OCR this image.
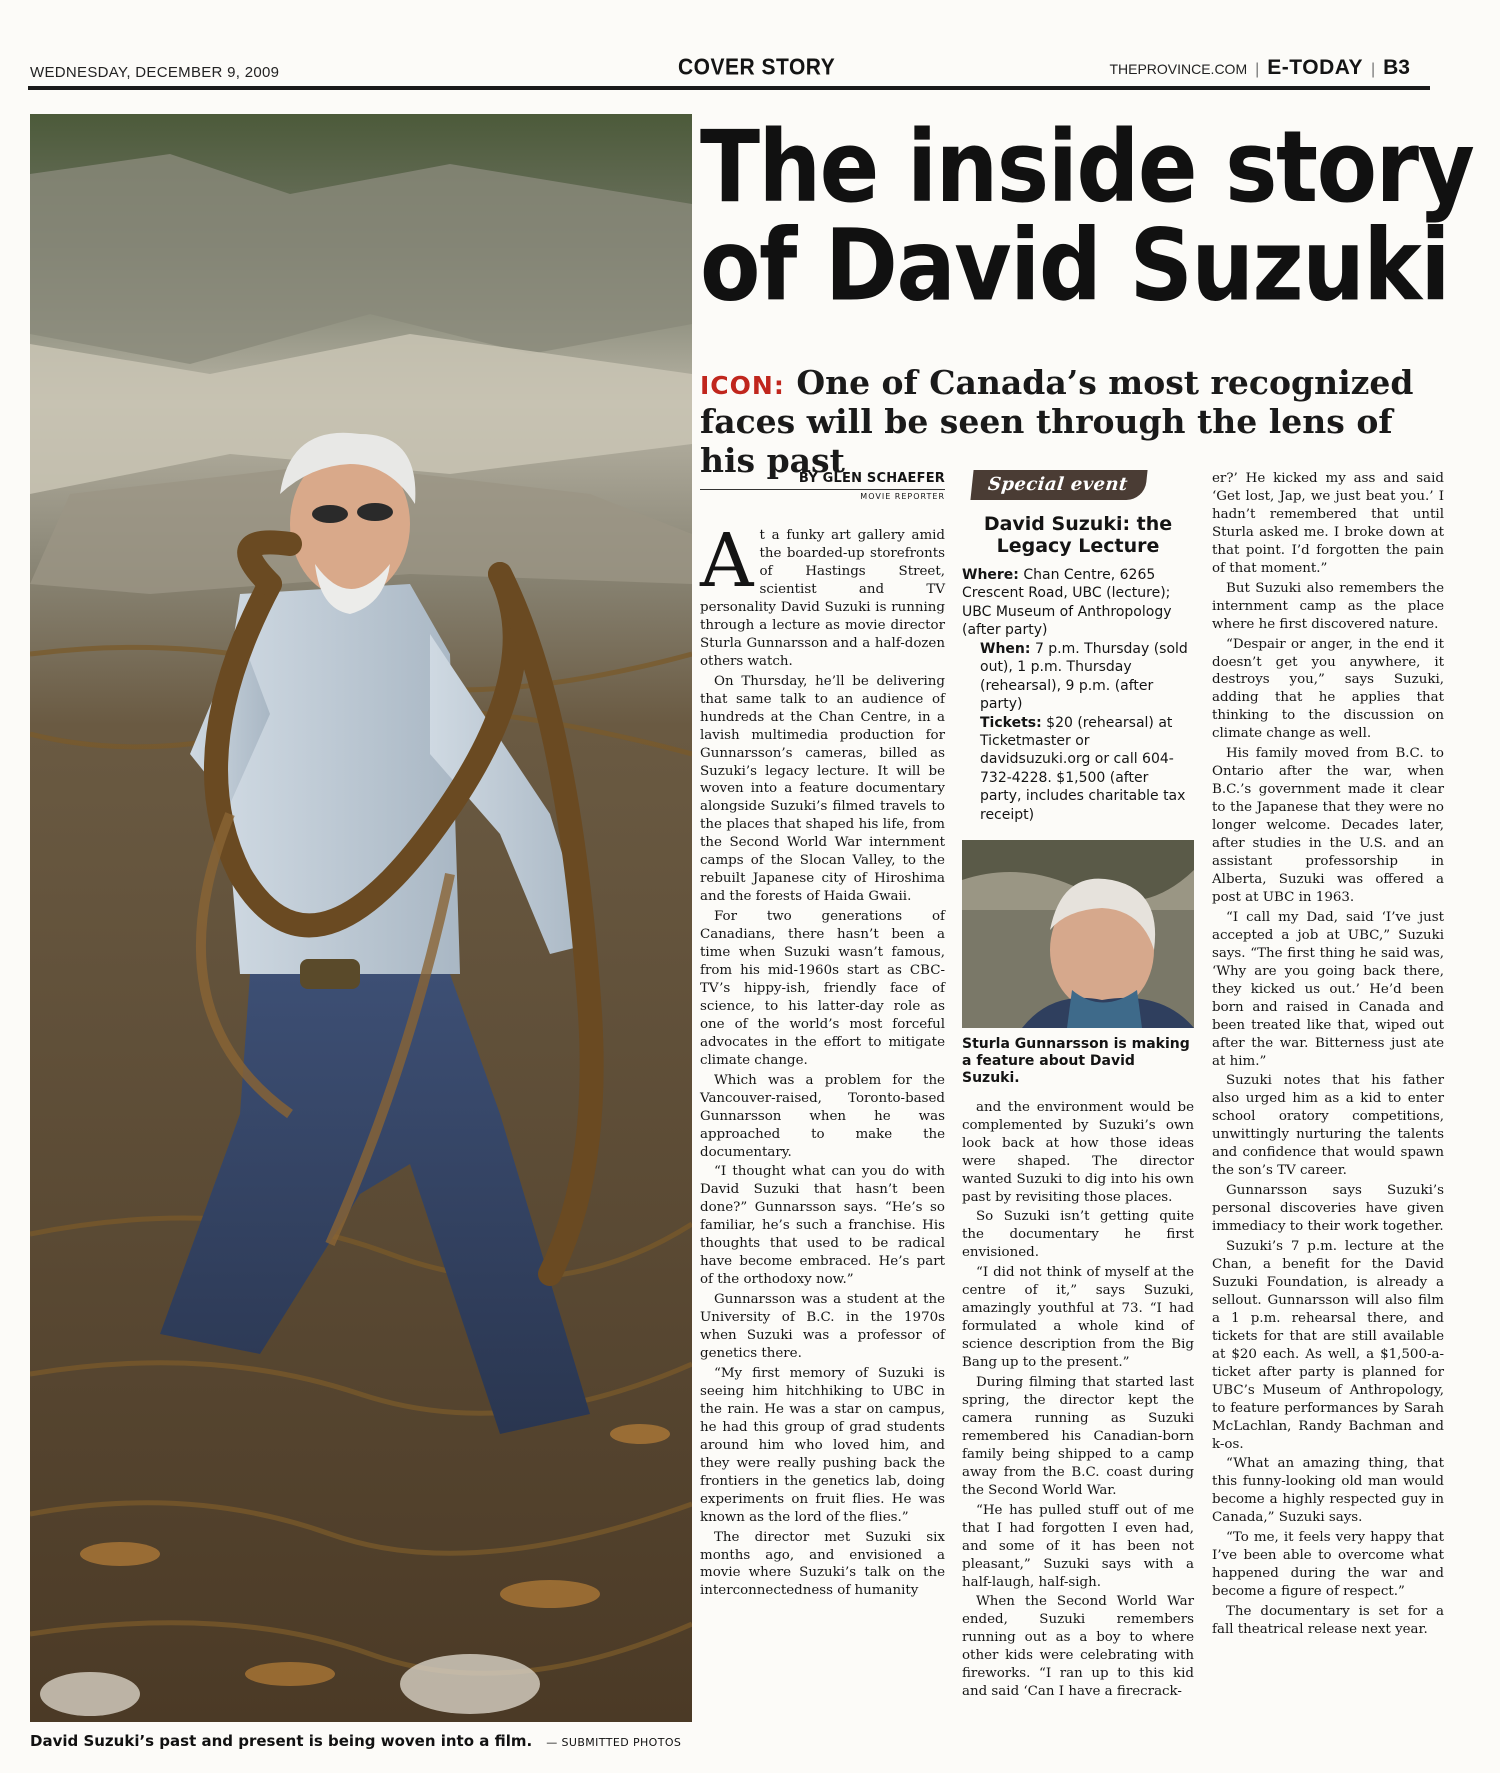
WEDNESDAY, DECEMBER 9, 2009	COVER STORY	THEPROVINCE.COM | E-TODAY | B3
David Suzuki’s past and present is being woven into a film. — SUBMITTED PHOTOS
The inside story
of David Suzuki
ICON: One of Canada’s most recognized faces will be seen through the lens of his past
BY GLEN SCHAEFER
MOVIE REPORTER

At a funky art gallery amid the boarded-up storefronts of Hastings Street, scientist and TV personality David Suzuki is running through a lecture as movie director Sturla Gunnarsson and a half-dozen others watch.

On Thursday, he’ll be delivering that same talk to an audience of hundreds at the Chan Centre, in a lavish multimedia production for Gunnarsson’s cameras, billed as Suzuki’s legacy lecture. It will be woven into a feature documentary alongside Suzuki’s filmed travels to the places that shaped his life, from the Second World War internment camps of the Slocan Valley, to the rebuilt Japanese city of Hiroshima and the forests of Haida Gwaii.

For two generations of Canadians, there hasn’t been a time when Suzuki wasn’t famous, from his mid-1960s start as CBC-TV’s hippy-ish, friendly face of science, to his latter-day role as one of the world’s most forceful advocates in the effort to mitigate climate change.

Which was a problem for the Vancouver-raised, Toronto-based Gunnarsson when he was approached to make the documentary.

“I thought what can you do with David Suzuki that hasn’t been done?” Gunnarsson says. “He’s so familiar, he’s such a franchise. His thoughts that used to be radical have become embraced. He’s part of the orthodoxy now.”

Gunnarsson was a student at the University of B.C. in the 1970s when Suzuki was a professor of genetics there.

“My first memory of Suzuki is seeing him hitchhiking to UBC in the rain. He was a star on campus, he had this group of grad students around him who loved him, and they were really pushing back the frontiers in the genetics lab, doing experiments on fruit flies. He was known as the lord of the flies.”

The director met Suzuki six months ago, and envisioned a movie where Suzuki’s talk on the interconnectedness of humanity

Special event
David Suzuki: the Legacy Lecture

Where: Chan Centre, 6265 Crescent Road, UBC (lecture); UBC Museum of Anthropology (after party)

When: 7 p.m. Thursday (sold out), 1 p.m. Thursday (rehearsal), 9 p.m. (after party)

Tickets: $20 (rehearsal) at Ticketmaster or davidsuzuki.org or call 604-732-4228. $1,500 (after party, includes charitable tax receipt)

Sturla Gunnarsson is making a feature about David Suzuki.

and the environment would be complemented by Suzuki’s own look back at how those ideas were shaped. The director wanted Suzuki to dig into his own past by revisiting those places.

So Suzuki isn’t getting quite the documentary he first envisioned.

“I did not think of myself at the centre of it,” says Suzuki, amazingly youthful at 73. “I had formulated a whole kind of science description from the Big Bang up to the present.”

During filming that started last spring, the director kept the camera running as Suzuki remembered his Canadian-born family being shipped to a camp away from the B.C. coast during the Second World War.

“He has pulled stuff out of me that I had forgotten I even had, and some of it has been not pleasant,” Suzuki says with a half-laugh, half-sigh.

When the Second World War ended, Suzuki remembers running out as a boy to where other kids were celebrating with fireworks. “I ran up to this kid and said ‘Can I have a firecrack-

er?’ He kicked my ass and said ‘Get lost, Jap, we just beat you.’ I hadn’t remembered that until Sturla asked me. I broke down at that point. I’d forgotten the pain of that moment.”

But Suzuki also remembers the internment camp as the place where he first discovered nature.

“Despair or anger, in the end it doesn’t get you anywhere, it destroys you,” says Suzuki, adding that he applies that thinking to the discussion on climate change as well.

His family moved from B.C. to Ontario after the war, when B.C.’s government made it clear to the Japanese that they were no longer welcome. Decades later, after studies in the U.S. and an assistant professorship in Alberta, Suzuki was offered a post at UBC in 1963.

“I call my Dad, said ‘I’ve just accepted a job at UBC,” Suzuki says. “The first thing he said was, ‘Why are you going back there, they kicked us out.’ He’d been born and raised in Canada and been treated like that, wiped out after the war. Bitterness just ate at him.”

Suzuki notes that his father also urged him as a kid to enter school oratory competitions, unwittingly nurturing the talents and confidence that would spawn the son’s TV career.

Gunnarsson says Suzuki’s personal discoveries have given immediacy to their work together.

Suzuki’s 7 p.m. lecture at the Chan, a benefit for the David Suzuki Foundation, is already a sellout. Gunnarsson will also film a 1 p.m. rehearsal there, and tickets for that are still available at $20 each. As well, a $1,500-a-ticket after party is planned for UBC’s Museum of Anthropology, to feature performances by Sarah McLachlan, Randy Bachman and k-os.

“What an amazing thing, that this funny-looking old man would become a highly respected guy in Canada,” Suzuki says.

“To me, it feels very happy that I’ve been able to overcome what happened during the war and become a figure of respect.”

The documentary is set for a fall theatrical release next year.
